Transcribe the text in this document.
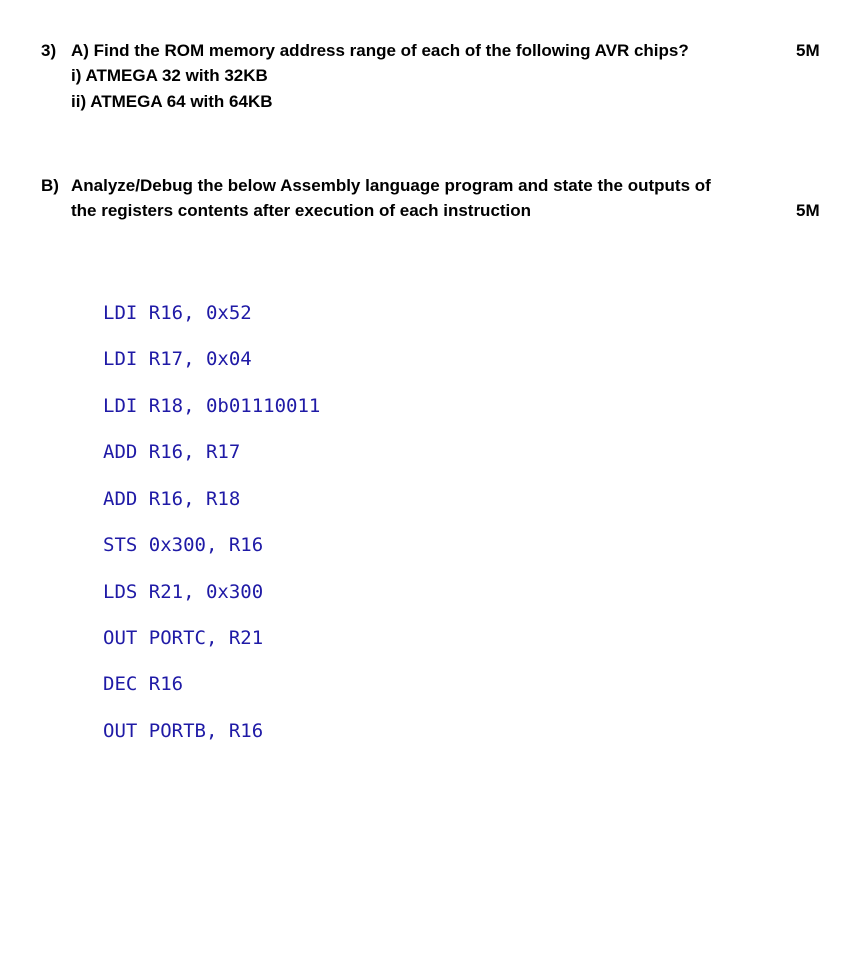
3) A) Find the ROM memory address range of each of the following AVR chips?	5M
i) ATMEGA 32 with 32KB
ii) ATMEGA 64 with 64KB
B) Analyze/Debug the below Assembly language program and state the outputs of
the registers contents after execution of each instruction	5M
LDI R16, 0x52
LDI R17, 0x04
LDI R18, 0b01110011
ADD R16, R17
ADD R16, R18
STS 0x300, R16
LDS R21, 0x300
OUT PORTC, R21
DEC R16
OUT PORTB, R16
